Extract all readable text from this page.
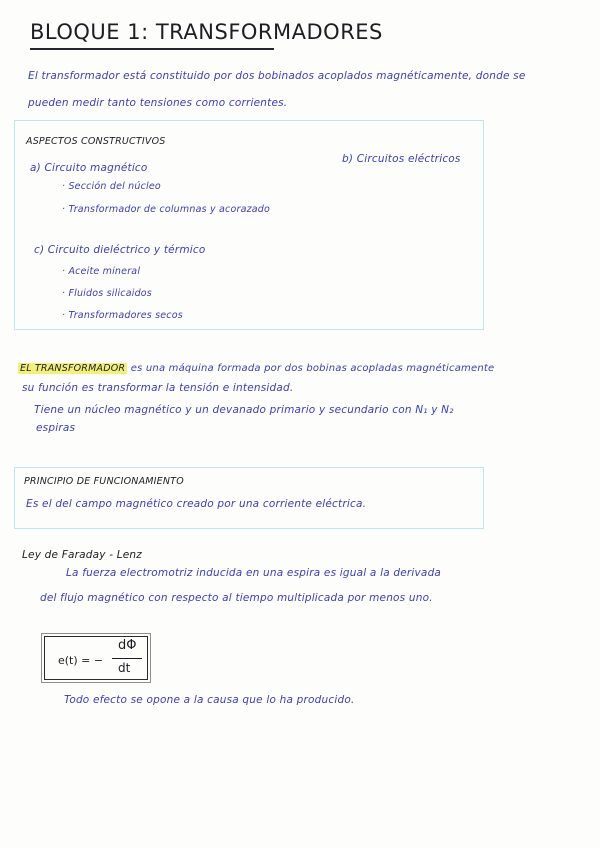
BLOQUE 1: TRANSFORMADORES
El transformador está constituido por dos bobinados acoplados magnéticamente, donde se
pueden medir tanto tensiones como corrientes.
ASPECTOS CONSTRUCTIVOS
a) Circuito magnético
· Sección del núcleo
· Transformador de columnas y acorazado
b) Circuitos eléctricos
c) Circuito dieléctrico y térmico
· Aceite mineral
· Fluidos silicaidos
· Transformadores secos
EL TRANSFORMADOR es una máquina formada por dos bobinas acopladas magnéticamente
su función es transformar la tensión e intensidad.
Tiene un núcleo magnético y un devanado primario y secundario con N₁ y N₂
espiras
PRINCIPIO DE FUNCIONAMIENTO
Es el del campo magnético creado por una corriente eléctrica.
Ley de Faraday - Lenz
La fuerza electromotriz inducida en una espira es igual a la derivada
del flujo magnético con respecto al tiempo multiplicada por menos uno.
e(t) = −
dΦ
dt
Todo efecto se opone a la causa que lo ha producido.
